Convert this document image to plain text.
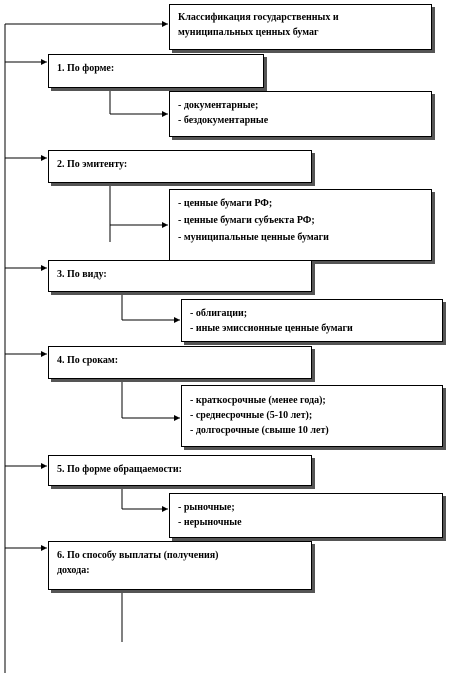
Классификация государственных и
муниципальных ценных бумаг
1. По форме:
- документарные;
- бездокументарные
2. По эмитенту:
- ценные бумаги РФ;
- ценные бумаги субъекта РФ;
- муниципальные ценные бумаги
3. По виду:
- облигации;
- иные эмиссионные ценные бумаги
4. По срокам:
- краткосрочные (менее года);
- среднесрочные (5-10 лет);
- долгосрочные (свыше 10 лет)
5. По форме обращаемости:
- рыночные;
- нерыночные
6. По способу выплаты (получения)
дохода:
